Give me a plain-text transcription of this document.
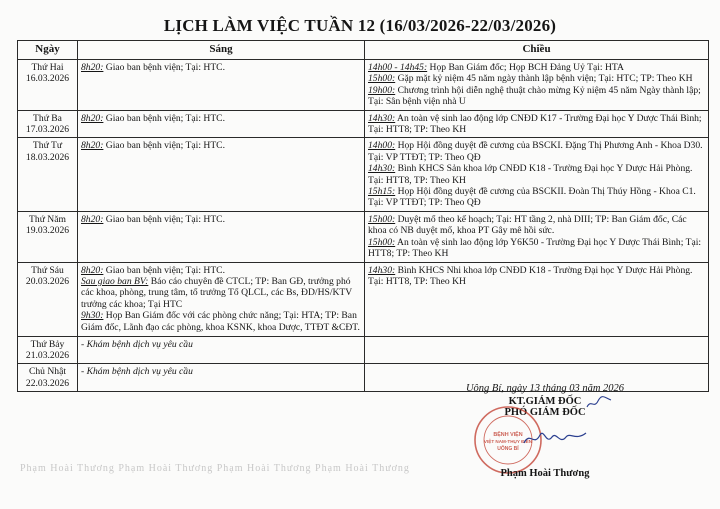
LỊCH LÀM VIỆC TUẦN 12 (16/03/2026-22/03/2026)
Ngày	Sáng	Chiều

Thứ Hai
16.03.2026	8h20: Giao ban bệnh viện; Tại: HTC.	14h00 - 14h45: Họp Ban Giám đốc; Họp BCH Đảng Uỷ Tại: HTA
15h00: Gặp mặt kỷ niệm 45 năm ngày thành lập bệnh viện; Tại: HTC; TP: Theo KH
19h00: Chương trình hội diễn nghệ thuật chào mừng Kỷ niệm 45 năm Ngày thành lập; Tại: Sân bệnh viện nhà U

Thứ Ba
17.03.2026	8h20: Giao ban bệnh viện; Tại: HTC.	14h30: An toàn vệ sinh lao động lớp CNĐD K17 - Trường Đại học Y Dược Thái Bình; Tại: HTT8; TP: Theo KH

Thứ Tư
18.03.2026	8h20: Giao ban bệnh viện; Tại: HTC.	14h00: Họp Hội đồng duyệt đề cương của BSCKI. Đặng Thị Phương Anh - Khoa D30. Tại: VP TTĐT; TP: Theo QĐ
14h30: Bình KHCS Sản khoa lớp CNĐD K18 - Trường Đại học Y Dược Hải Phòng. Tại: HTT8, TP: Theo KH
15h15: Họp Hội đồng duyệt đề cương của BSCKII. Đoàn Thị Thúy Hồng - Khoa C1. Tại: VP TTĐT; TP: Theo QĐ

Thứ Năm
19.03.2026	8h20: Giao ban bệnh viện; Tại: HTC.	15h00: Duyệt mổ theo kế hoạch; Tại: HT tầng 2, nhà DIII; TP: Ban Giám đốc, Các khoa có NB duyệt mổ, khoa PT Gây mê hồi sức.
15h00: An toàn vệ sinh lao động lớp Y6K50 - Trường Đại học Y Dược Thái Bình; Tại: HTT8; TP: Theo KH

Thứ Sáu
20.03.2026	8h20: Giao ban bệnh viện; Tại: HTC.
Sau giao ban BV: Báo cáo chuyên đề CTCL; TP: Ban GĐ, trưởng phó các khoa, phòng, trung tâm, tổ trưởng Tổ QLCL, các Bs, ĐD/HS/KTV trưởng các khoa; Tại HTC
9h30: Họp Ban Giám đốc với các phòng chức năng; Tại: HTA; TP: Ban Giám đốc, Lãnh đạo các phòng, khoa KSNK, khoa Dược, TTĐT &CĐT.	14h30: Bình KHCS Nhi khoa lớp CNĐD K18 - Trường Đại học Y Dược Hải Phòng. Tại: HTT8, TP: Theo KH

Thứ Bảy
21.03.2026	- Khám bệnh dịch vụ yêu cầu	

Chủ Nhật
22.03.2026	- Khám bệnh dịch vụ yêu cầu	

Uông Bí, ngày 13 tháng 03 năm 2026
KT.GIÁM ĐỐC
PHÓ GIÁM ĐỐC
BỆNH VIỆN
VIỆT NAM-THỤY ĐIỂN
UÔNG BÍ
Phạm Hoài Thương
Phạm Hoài Thương Phạm Hoài Thương Phạm Hoài Thương Phạm Hoài Thương
